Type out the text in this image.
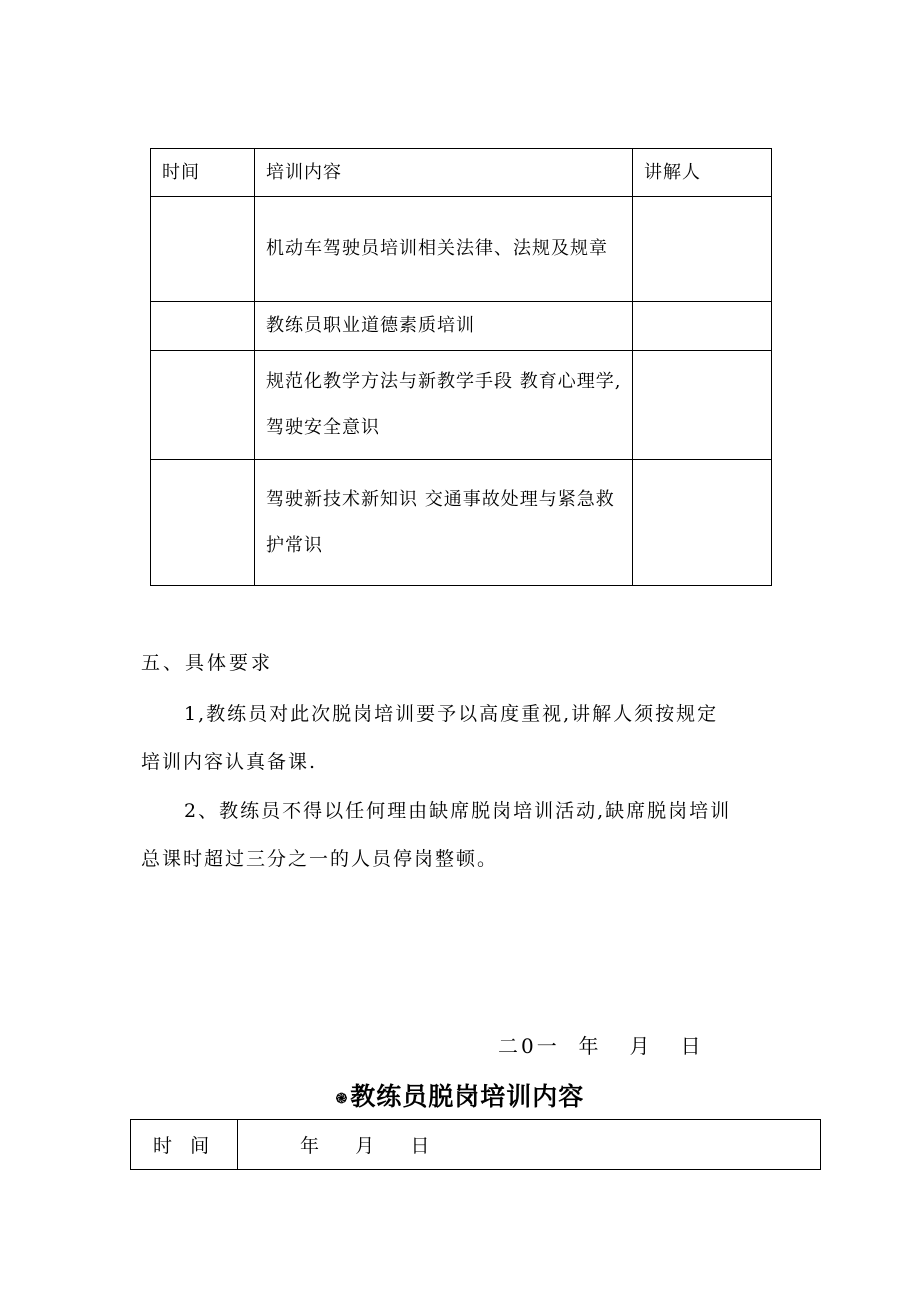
时间	培训内容	讲解人
	机动车驾驶员培训相关法律、法规及规章	
	教练员职业道德素质培训	
	规范化教学方法与新教学手段 教育心理学,驾驶安全意识	
	驾驶新技术新知识 交通事故处理与紧急救护常识	
五、具体要求
1,教练员对此次脱岗培训要予以高度重视,讲解人须按规定
培训内容认真备课.
2、教练员不得以任何理由缺席脱岗培训活动,缺席脱岗培训
总课时超过三分之一的人员停岗整顿。
二0一  年   月   日
֎教练员脱岗培训内容
时  间	年      月      日
